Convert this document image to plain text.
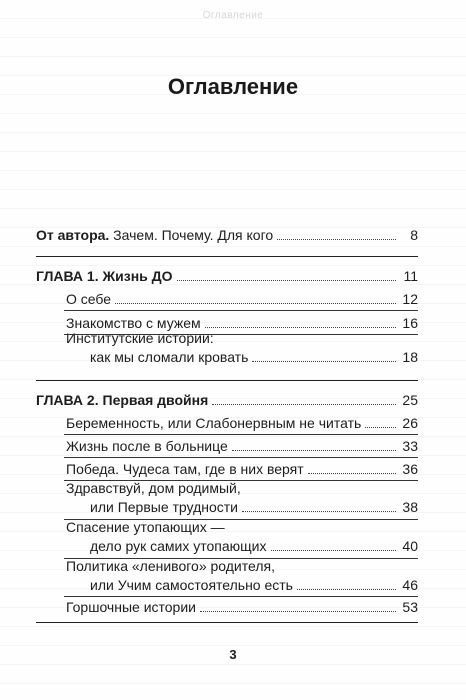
Оглавление
Оглавление
От автора. Зачем. Почему. Для кого	8
ГЛАВА 1. Жизнь ДО	11
О себе	12
Знакомство с мужем	16
Институтские истории:
как мы сломали кровать	18
ГЛАВА 2. Первая двойня	25
Беременность, или Слабонервным не читать	26
Жизнь после в больнице	33
Победа. Чудеса там, где в них верят	36
Здравствуй, дом родимый,
или Первые трудности	38
Спасение утопающих —
дело рук самих утопающих	40
Политика «ленивого» родителя,
или Учим самостоятельно есть	46
Горшочные истории	53
3
